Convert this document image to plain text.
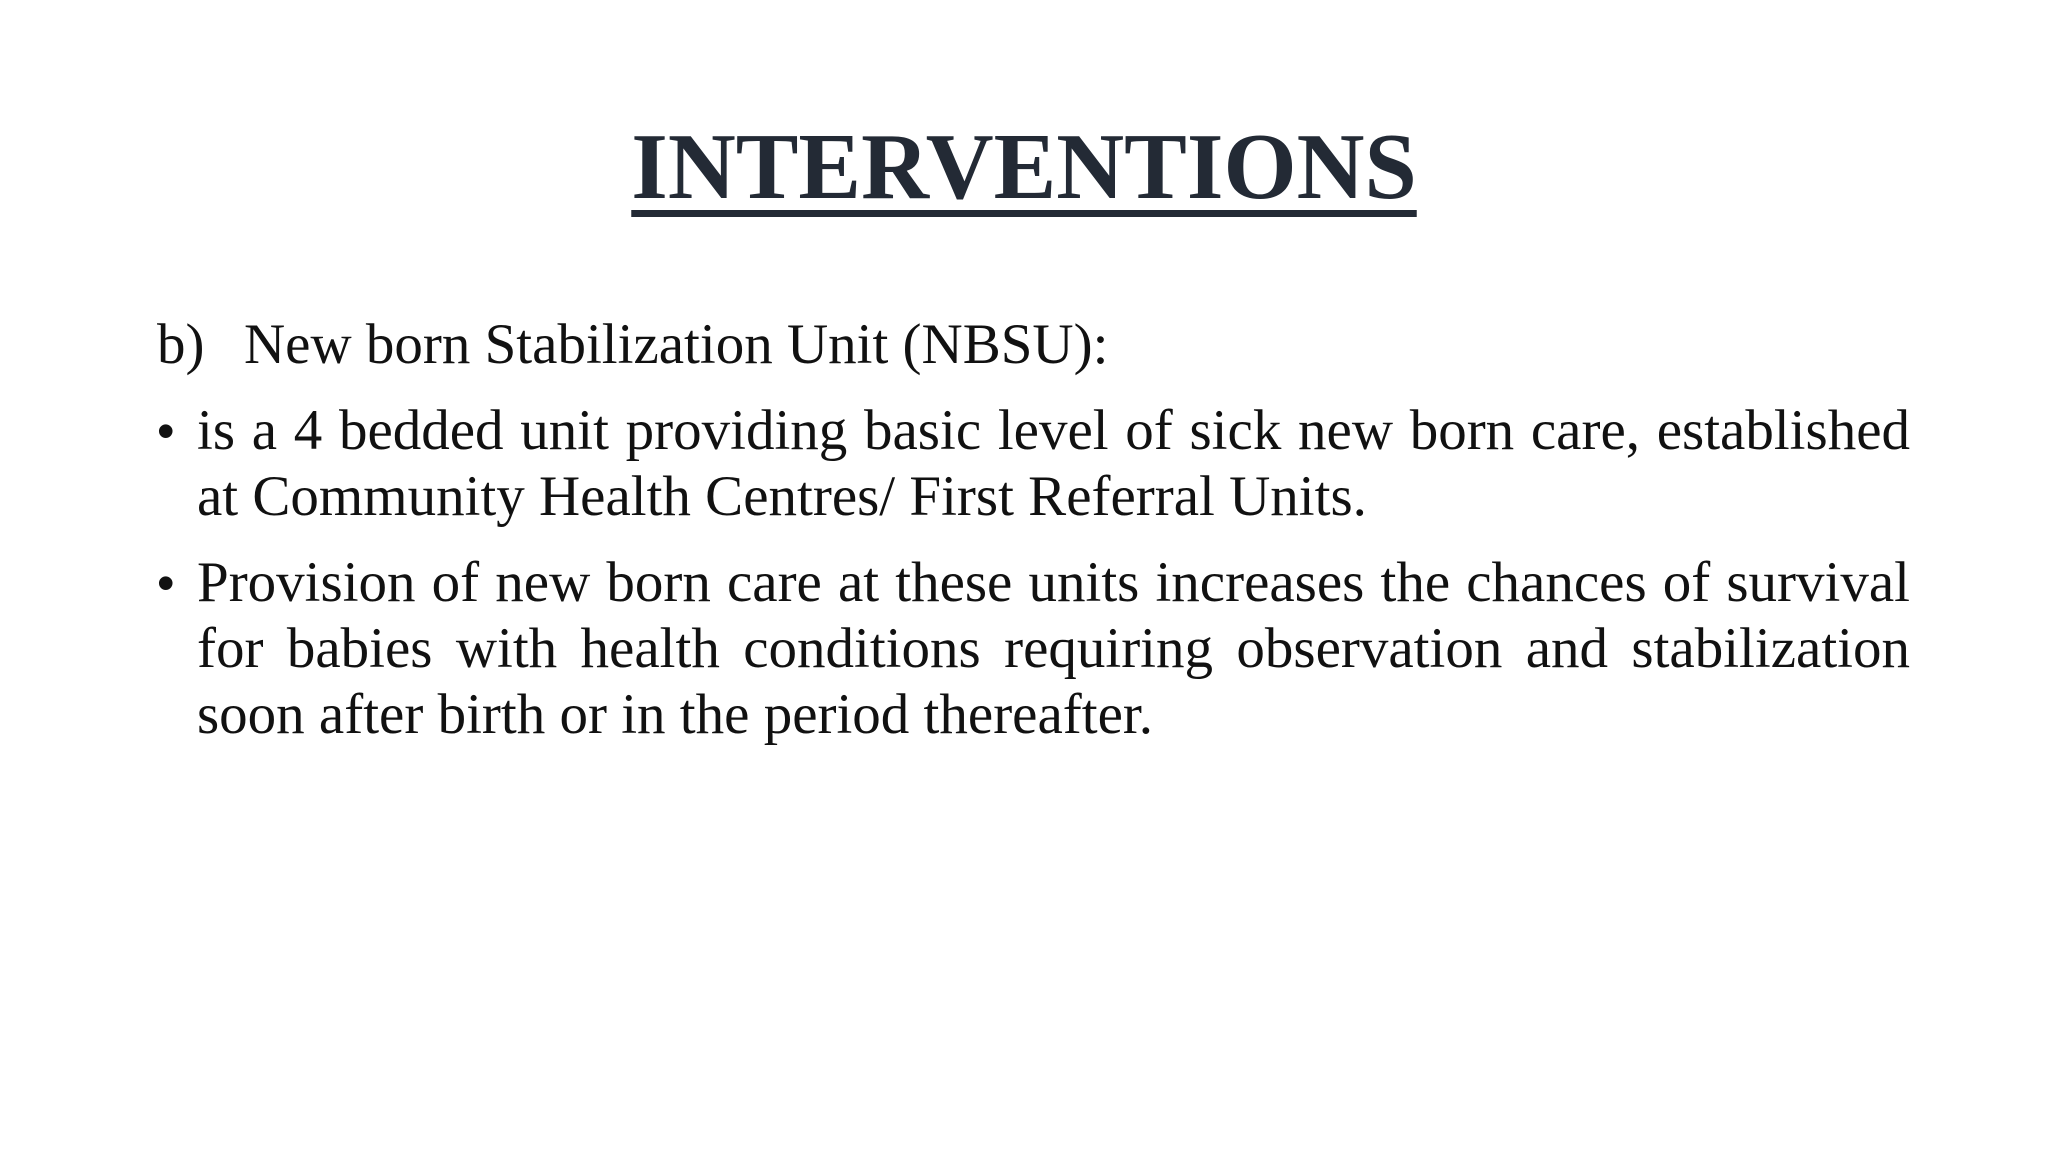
INTERVENTIONS
b) New born Stabilization Unit (NBSU):
• is a 4 bedded unit providing basic level of sick new born care, established at Community Health Centres/ First Referral Units.
• Provision of new born care at these units increases the chances of survival for babies with health conditions requiring observation and stabilization soon after birth or in the period thereafter.
